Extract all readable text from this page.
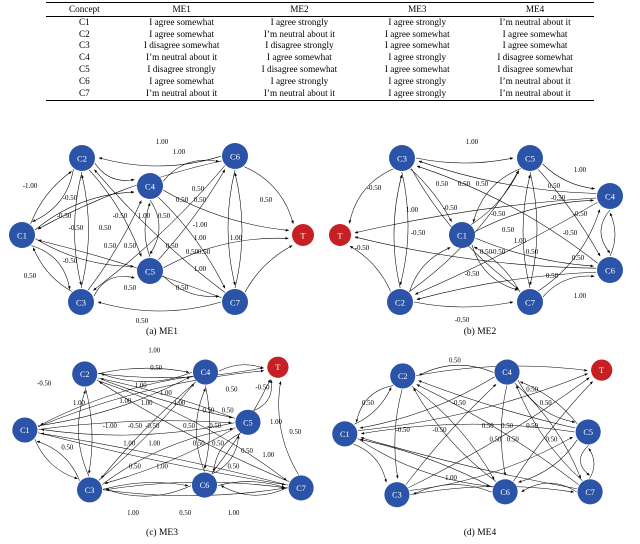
Concept	ME1	ME2	ME3	ME4
C1	I agree somewhat	I agree strongly	I agree strongly	I’m neutral about it
C2	I agree somewhat	I’m neutral about it	I agree somewhat	I agree somewhat
C3	I disagree somewhat	I disagree strongly	I agree somewhat	I agree somewhat
C4	I’m neutral about it	I agree somewhat	I agree strongly	I disagree somewhat
C5	I disagree strongly	I disagree somewhat	I agree somewhat	I disagree somewhat
C6	I agree somewhat	I agree strongly	I agree strongly	I’m neutral about it
C7	I’m neutral about it	I’m neutral about it	I agree strongly	I’m neutral about it
1.00
1.00
-1.00
-0.50
0.50
0.50 0.50	0.50
-0.50
-0.50 0.50
-0.50 1.00 0.50
-1.00
1.00	1.00
0.50 0.50	0.50
0.50 0.50
-0.50
0.50
1.00
0.50	0.50
0.50
C2	C6
C4
C1	T
C5
C3	C7
1.00
1.00
-0.50	0.50 0.50 0.50	0.50
-0.50
1.00	-0.50
-0.50	-0.50
-0.50	0.50
1.00
-0.50
-0.50	0.50
-0.50	0.50
0.50
-0.50	0.50
1.00
-0.50
C3	C5
C4
T	C1
C6
C2	C7
1.00
-0.50
0.50
1.00
1.00
0.50	-0.50
1.00	1.00 1.00	1.00
0.50 0.50
-1.00 -0.50 -0.50	0.50 -0.50
1.00
0.50
0.50
1.00 1.00	0.50 0.50
0.50
1.00
0.50 1.00	0.50
1.00	0.50	1.00
C2	C4
T
C1
C5
C3
C6	C7
0.50
0.50
0.50	-0.50	0.50
-0.50	-0.50
0.50 0.50 0.50
0.50 0.50	0.50
1.00
C2	C4	T
C1	C5
C3	C6	C7
(a) ME1	(b) ME2
(c) ME3	(d) ME4
